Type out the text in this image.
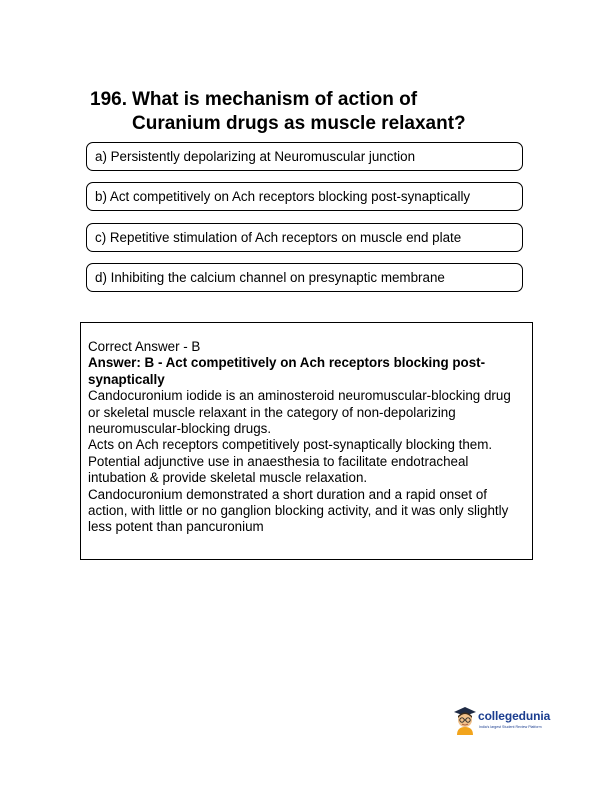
196. What is mechanism of action of
Curanium drugs as muscle relaxant?
a) Persistently depolarizing at Neuromuscular junction
b) Act competitively on Ach receptors blocking post-synaptically
c) Repetitive stimulation of Ach receptors on muscle end plate
d) Inhibiting the calcium channel on presynaptic membrane
Correct Answer - B
Answer: B - Act competitively on Ach receptors blocking post-synaptically
Candocuronium iodide is an aminosteroid neuromuscular-blocking drug or skeletal muscle relaxant in the category of non-depolarizing neuromuscular-blocking drugs.
Acts on Ach receptors competitively post-synaptically blocking them.
Potential adjunctive use in anaesthesia to facilitate endotracheal intubation & provide skeletal muscle relaxation.
Candocuronium demonstrated a short duration and a rapid onset of action, with little or no ganglion blocking activity, and it was only slightly less potent than pancuronium
collegedunia
India's largest Student Review Platform
